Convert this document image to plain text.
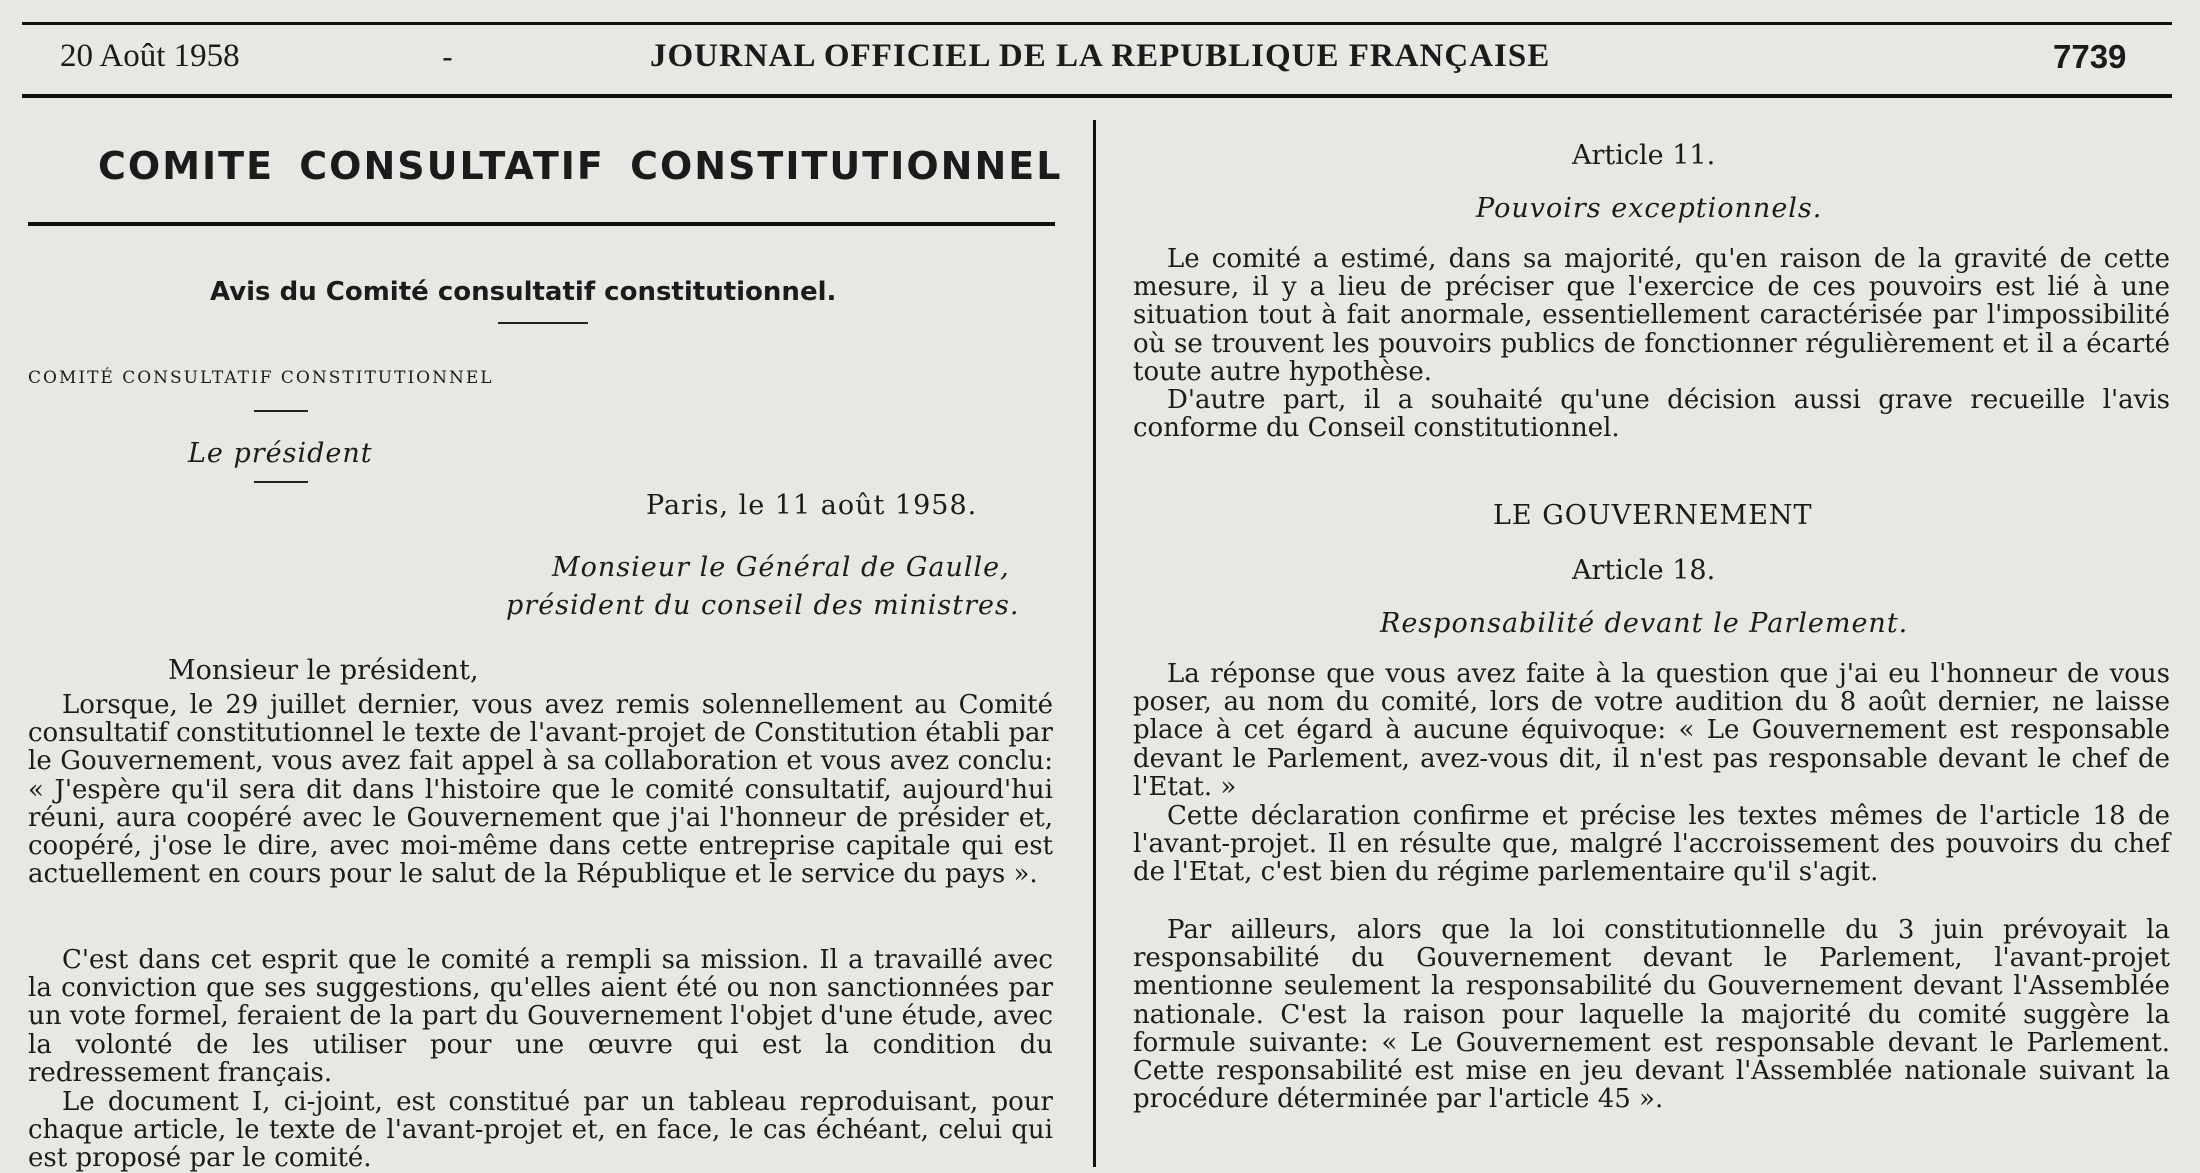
20 Août 1958	-	JOURNAL OFFICIEL DE LA REPUBLIQUE FRANÇAISE	7739
COMITE CONSULTATIF CONSTITUTIONNEL
Avis du Comité consultatif constitutionnel.
COMITÉ CONSULTATIF CONSTITUTIONNEL
Le président
Paris, le 11 août 1958.
Monsieur le Général de Gaulle,
président du conseil des ministres.
Monsieur le président,

Lorsque, le 29 juillet dernier, vous avez remis solennellement au Comité consultatif constitutionnel le texte de l'avant-projet de Constitution établi par le Gouvernement, vous avez fait appel à sa collaboration et vous avez conclu: « J'espère qu'il sera dit dans l'histoire que le comité consultatif, aujourd'hui réuni, aura coopéré avec le Gouvernement que j'ai l'honneur de présider et, coopéré, j'ose le dire, avec moi-même dans cette entreprise capitale qui est actuellement en cours pour le salut de la République et le service du pays ».

C'est dans cet esprit que le comité a rempli sa mission. Il a travaillé avec la conviction que ses suggestions, qu'elles aient été ou non sanctionnées par un vote formel, feraient de la part du Gouvernement l'objet d'une étude, avec la volonté de les utiliser pour une œuvre qui est la condition du redressement français.

Le document I, ci-joint, est constitué par un tableau reproduisant, pour chaque article, le texte de l'avant-projet et, en face, le cas échéant, celui qui est proposé par le comité.

Article 11.
Pouvoirs exceptionnels.

Le comité a estimé, dans sa majorité, qu'en raison de la gravité de cette mesure, il y a lieu de préciser que l'exercice de ces pouvoirs est lié à une situation tout à fait anormale, essentiellement caractérisée par l'impossibilité où se trouvent les pouvoirs publics de fonctionner régulièrement et il a écarté toute autre hypothèse.

D'autre part, il a souhaité qu'une décision aussi grave recueille l'avis conforme du Conseil constitutionnel.

LE GOUVERNEMENT
Article 18.
Responsabilité devant le Parlement.

La réponse que vous avez faite à la question que j'ai eu l'honneur de vous poser, au nom du comité, lors de votre audition du 8 août dernier, ne laisse place à cet égard à aucune équivoque: « Le Gouvernement est responsable devant le Parlement, avez-vous dit, il n'est pas responsable devant le chef de l'Etat. »

Cette déclaration confirme et précise les textes mêmes de l'article 18 de l'avant-projet. Il en résulte que, malgré l'accroissement des pouvoirs du chef de l'Etat, c'est bien du régime parlementaire qu'il s'agit.

Par ailleurs, alors que la loi constitutionnelle du 3 juin prévoyait la responsabilité du Gouvernement devant le Parlement, l'avant-projet mentionne seulement la responsabilité du Gouvernement devant l'Assemblée nationale. C'est la raison pour laquelle la majorité du comité suggère la formule suivante: « Le Gouvernement est responsable devant le Parlement. Cette responsabilité est mise en jeu devant l'Assemblée nationale suivant la procédure déterminée par l'article 45 ».
